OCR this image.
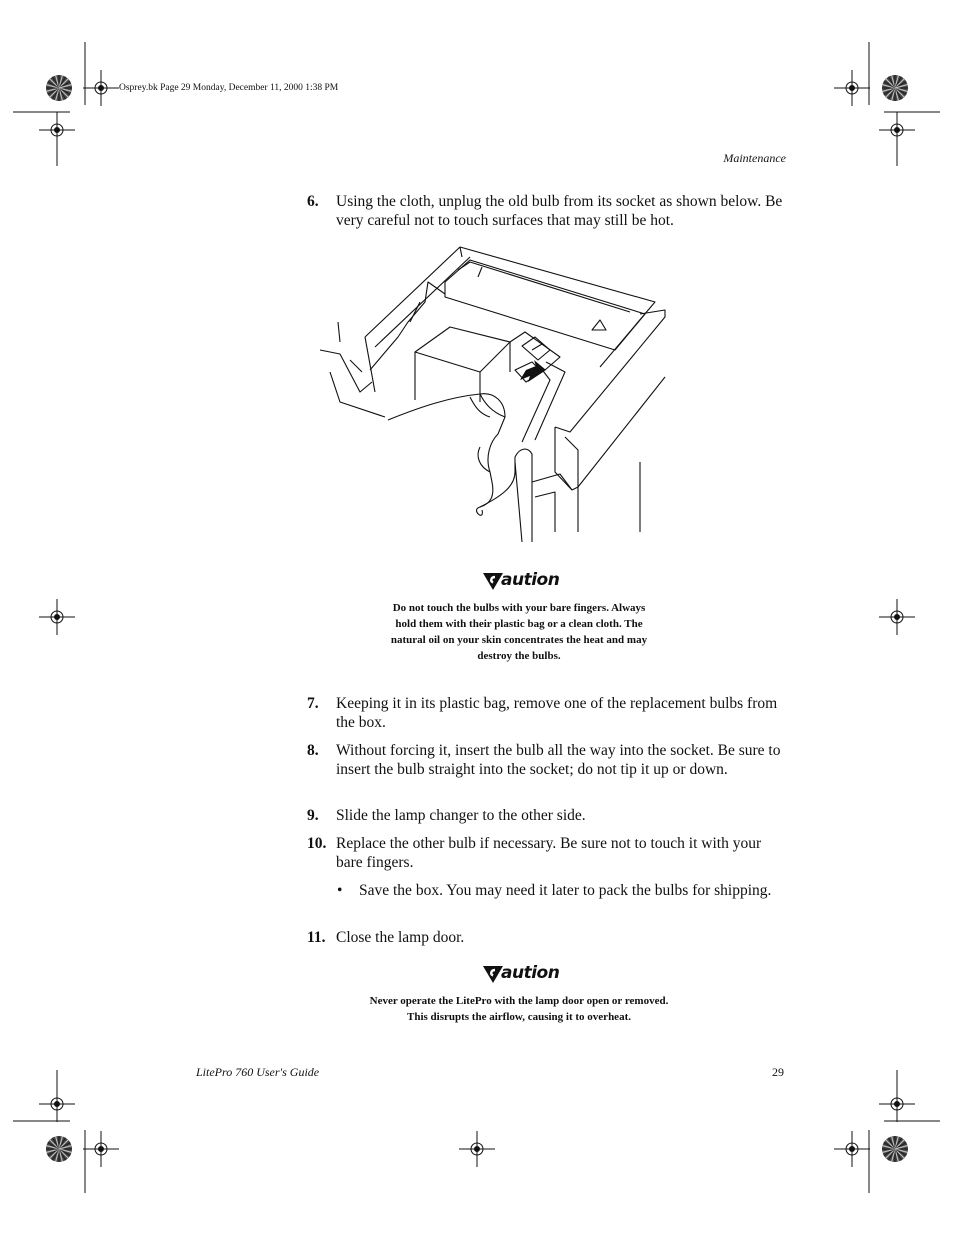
Osprey.bk Page 29 Monday, December 11, 2000 1:38 PM
Maintenance
6. Using the cloth, unplug the old bulb from its socket as shown below. Be very careful not to touch surfaces that may still be hot.
aution
Do not touch the bulbs with your bare fingers. Always
hold them with their plastic bag or a clean cloth. The
natural oil on your skin concentrates the heat and may
destroy the bulbs.
7. Keeping it in its plastic bag, remove one of the replacement bulbs from the box.
8. Without forcing it, insert the bulb all the way into the socket. Be sure to insert the bulb straight into the socket; do not tip it up or down.
9. Slide the lamp changer to the other side.
10. Replace the other bulb if necessary. Be sure not to touch it with your bare fingers.
• Save the box. You may need it later to pack the bulbs for shipping.
11. Close the lamp door.
aution
Never operate the LitePro with the lamp door open or removed.
This disrupts the airflow, causing it to overheat.
LitePro 760 User's Guide	29
